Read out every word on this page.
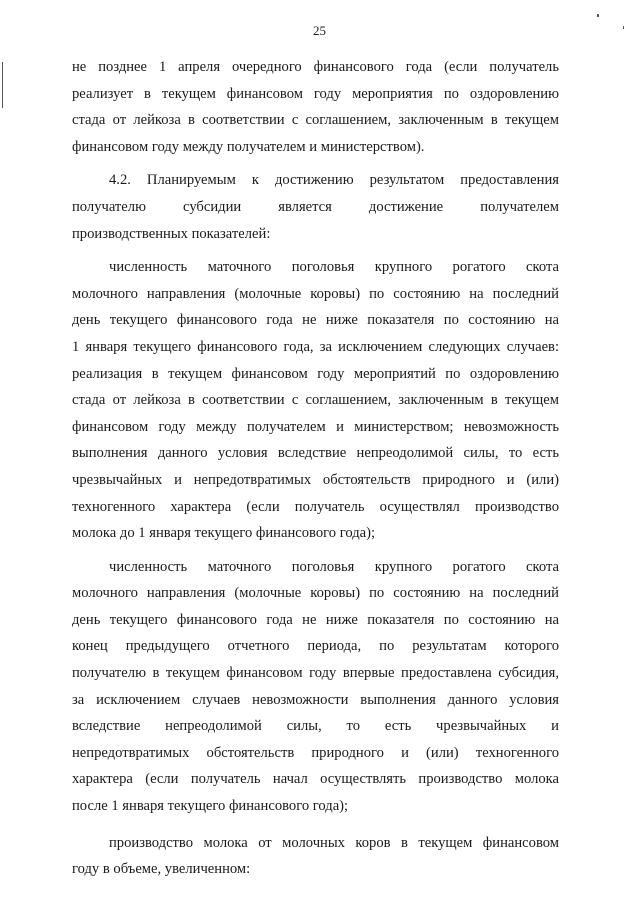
25
не позднее 1 апреля очередного финансового года (если получатель
реализует в текущем финансовом году мероприятия по оздоровлению
стада от лейкоза в соответствии с соглашением, заключенным в текущем
финансовом году между получателем и министерством).
4.2. Планируемым к достижению результатом предоставления
получателю субсидии является достижение получателем
производственных показателей:
численность маточного поголовья крупного рогатого скота
молочного направления (молочные коровы) по состоянию на последний
день текущего финансового года не ниже показателя по состоянию на
1 января текущего финансового года, за исключением следующих случаев:
реализация в текущем финансовом году мероприятий по оздоровлению
стада от лейкоза в соответствии с соглашением, заключенным в текущем
финансовом году между получателем и министерством; невозможность
выполнения данного условия вследствие непреодолимой силы, то есть
чрезвычайных и непредотвратимых обстоятельств природного и (или)
техногенного характера (если получатель осуществлял производство
молока до 1 января текущего финансового года);
численность маточного поголовья крупного рогатого скота
молочного направления (молочные коровы) по состоянию на последний
день текущего финансового года не ниже показателя по состоянию на
конец предыдущего отчетного периода, по результатам которого
получателю в текущем финансовом году впервые предоставлена субсидия,
за исключением случаев невозможности выполнения данного условия
вследствие непреодолимой силы, то есть чрезвычайных и
непредотвратимых обстоятельств природного и (или) техногенного
характера (если получатель начал осуществлять производство молока
после 1 января текущего финансового года);
производство молока от молочных коров в текущем финансовом
году в объеме, увеличенном:
